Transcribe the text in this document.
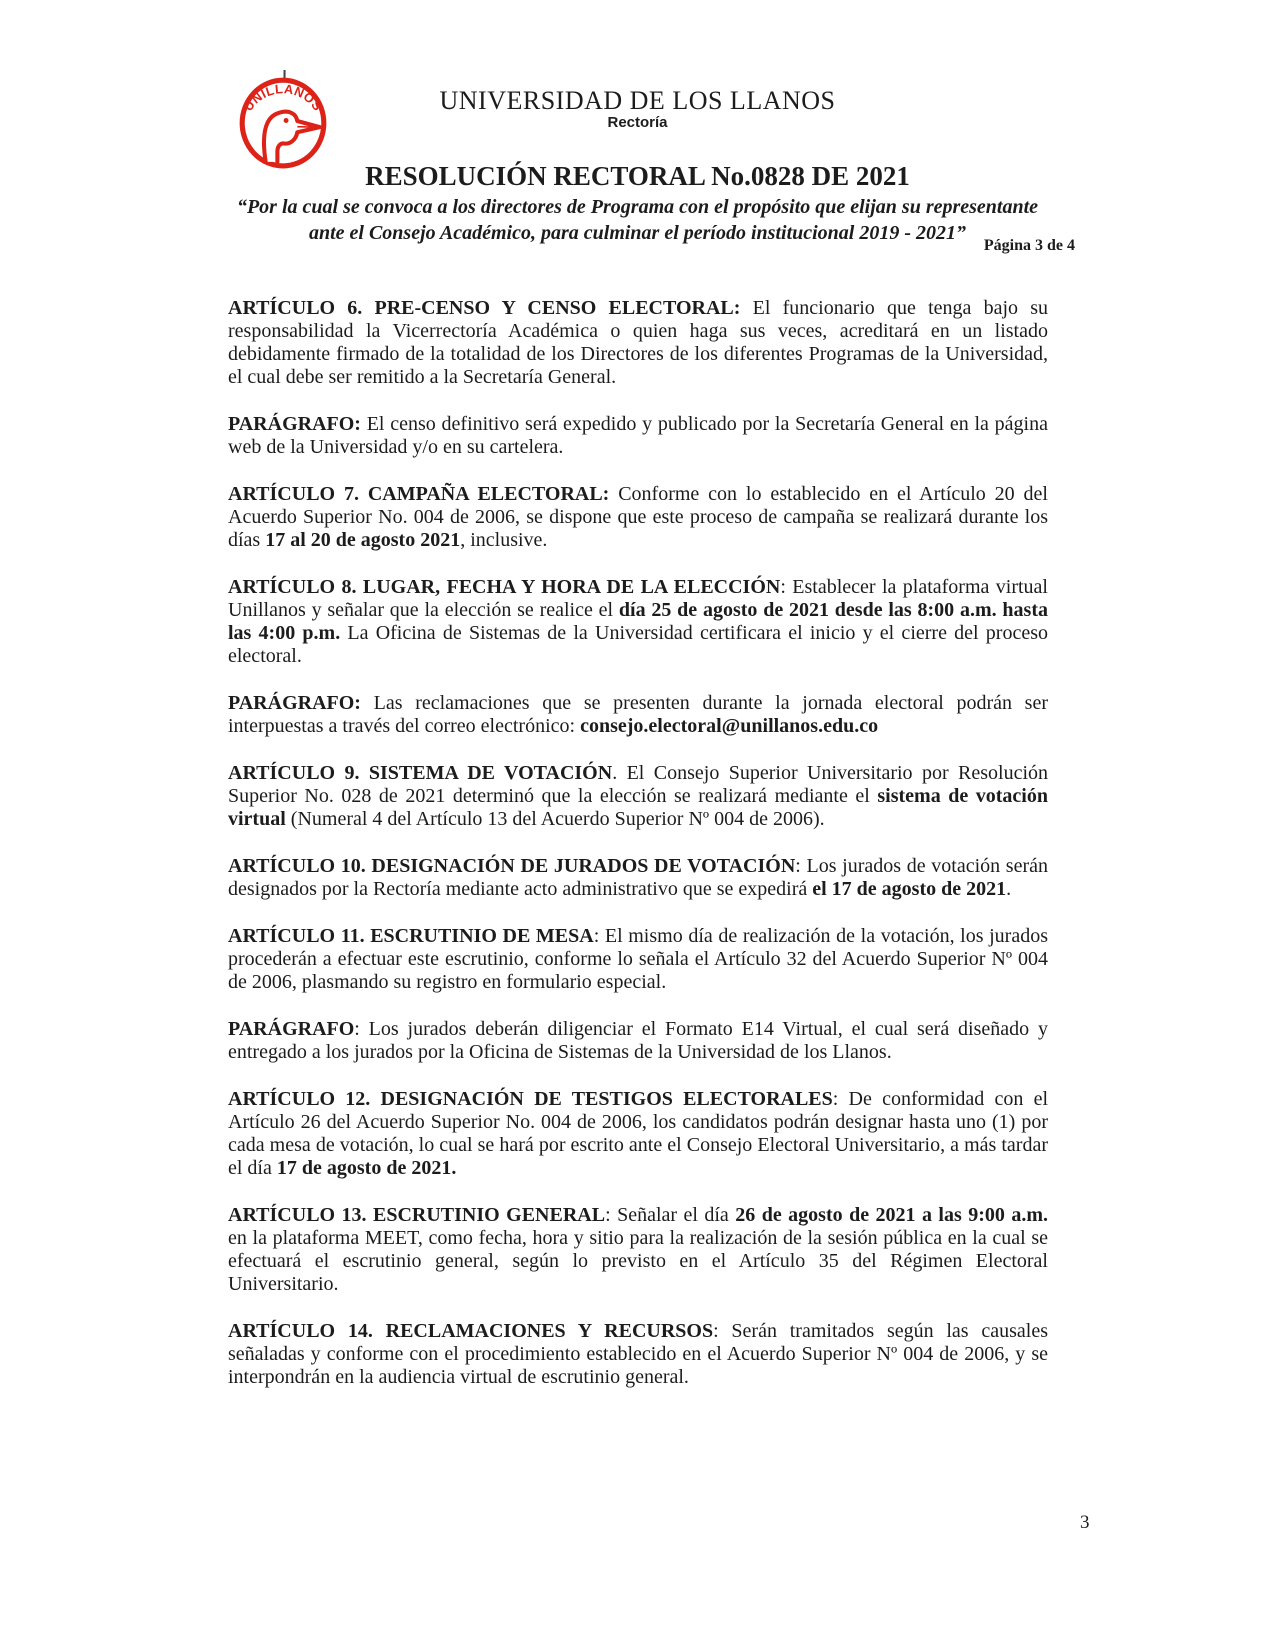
UNILLANOS	UNIVERSIDAD DE LOS LLANOS
Rectoría
RESOLUCIÓN RECTORAL No.0828 DE 2021
“Por la cual se convoca a los directores de Programa con el propósito que elijan su representante
ante el Consejo Académico, para culminar el período institucional 2019 - 2021”
Página 3 de 4

ARTÍCULO 6. PRE-CENSO Y CENSO ELECTORAL: El funcionario que tenga bajo su responsabilidad la Vicerrectoría Académica o quien haga sus veces, acreditará en un listado debidamente firmado de la totalidad de los Directores de los diferentes Programas de la Universidad, el cual debe ser remitido a la Secretaría General.

PARÁGRAFO: El censo definitivo será expedido y publicado por la Secretaría General en la página web de la Universidad y/o en su cartelera.

ARTÍCULO 7. CAMPAÑA ELECTORAL: Conforme con lo establecido en el Artículo 20 del Acuerdo Superior No. 004 de 2006, se dispone que este proceso de campaña se realizará durante los días 17 al 20 de agosto 2021, inclusive.

ARTÍCULO 8. LUGAR, FECHA Y HORA DE LA ELECCIÓN: Establecer la plataforma virtual Unillanos y señalar que la elección se realice el día 25 de agosto de 2021 desde las 8:00 a.m. hasta las 4:00 p.m. La Oficina de Sistemas de la Universidad certificara el inicio y el cierre del proceso electoral.

PARÁGRAFO: Las reclamaciones que se presenten durante la jornada electoral podrán ser interpuestas a través del correo electrónico: consejo.electoral@unillanos.edu.co

ARTÍCULO 9. SISTEMA DE VOTACIÓN. El Consejo Superior Universitario por Resolución Superior No. 028 de 2021 determinó que la elección se realizará mediante el sistema de votación virtual (Numeral 4 del Artículo 13 del Acuerdo Superior Nº 004 de 2006).

ARTÍCULO 10. DESIGNACIÓN DE JURADOS DE VOTACIÓN: Los jurados de votación serán designados por la Rectoría mediante acto administrativo que se expedirá el 17 de agosto de 2021.

ARTÍCULO 11. ESCRUTINIO DE MESA: El mismo día de realización de la votación, los jurados procederán a efectuar este escrutinio, conforme lo señala el Artículo 32 del Acuerdo Superior Nº 004 de 2006, plasmando su registro en formulario especial.

PARÁGRAFO: Los jurados deberán diligenciar el Formato E14 Virtual, el cual será diseñado y entregado a los jurados por la Oficina de Sistemas de la Universidad de los Llanos.

ARTÍCULO 12. DESIGNACIÓN DE TESTIGOS ELECTORALES: De conformidad con el Artículo 26 del Acuerdo Superior No. 004 de 2006, los candidatos podrán designar hasta uno (1) por cada mesa de votación, lo cual se hará por escrito ante el Consejo Electoral Universitario, a más tardar el día 17 de agosto de 2021.

ARTÍCULO 13. ESCRUTINIO GENERAL: Señalar el día 26 de agosto de 2021 a las 9:00 a.m. en la plataforma MEET, como fecha, hora y sitio para la realización de la sesión pública en la cual se efectuará el escrutinio general, según lo previsto en el Artículo 35 del Régimen Electoral Universitario.

ARTÍCULO 14. RECLAMACIONES Y RECURSOS: Serán tramitados según las causales señaladas y conforme con el procedimiento establecido en el Acuerdo Superior Nº 004 de 2006, y se interpondrán en la audiencia virtual de escrutinio general.

3
